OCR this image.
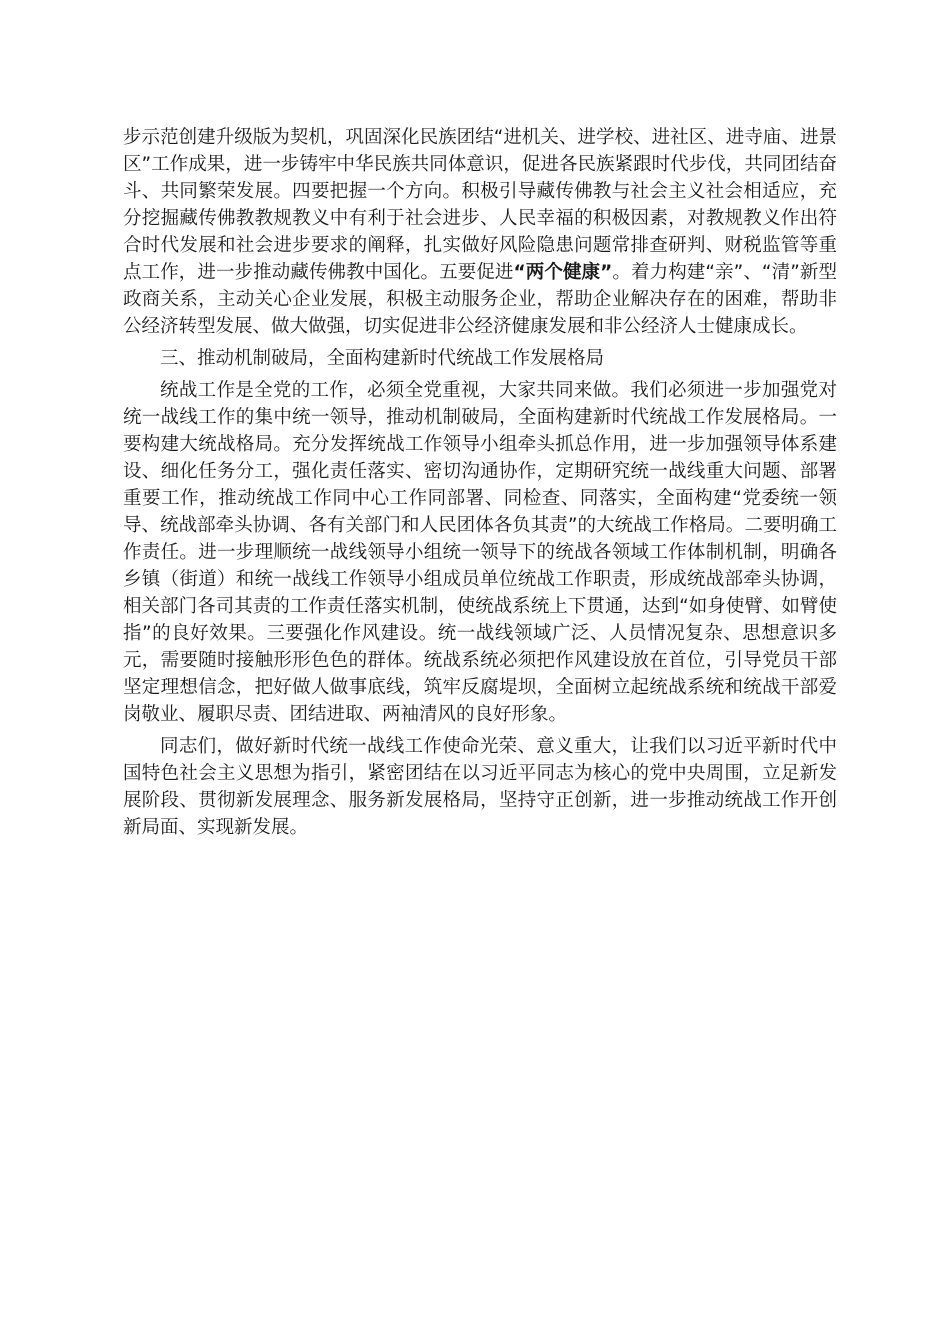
步示范创建升级版为契机，巩固深化民族团结“进机关、进学校、进社区、进寺庙、进景区”工作成果，进一步铸牢中华民族共同体意识，促进各民族紧跟时代步伐，共同团结奋斗、共同繁荣发展。四要把握一个方向。积极引导藏传佛教与社会主义社会相适应，充分挖掘藏传佛教教规教义中有利于社会进步、人民幸福的积极因素，对教规教义作出符合时代发展和社会进步要求的阐释，扎实做好风险隐患问题常排查研判、财税监管等重点工作，进一步推动藏传佛教中国化。五要促进“两个健康”。着力构建“亲”、“清”新型政商关系，主动关心企业发展，积极主动服务企业，帮助企业解决存在的困难，帮助非公经济转型发展、做大做强，切实促进非公经济健康发展和非公经济人士健康成长。

三、推动机制破局，全面构建新时代统战工作发展格局

统战工作是全党的工作，必须全党重视，大家共同来做。我们必须进一步加强党对统一战线工作的集中统一领导，推动机制破局，全面构建新时代统战工作发展格局。一要构建大统战格局。充分发挥统战工作领导小组牵头抓总作用，进一步加强领导体系建设、细化任务分工，强化责任落实、密切沟通协作，定期研究统一战线重大问题、部署重要工作，推动统战工作同中心工作同部署、同检查、同落实，全面构建“党委统一领导、统战部牵头协调、各有关部门和人民团体各负其责”的大统战工作格局。二要明确工作责任。进一步理顺统一战线领导小组统一领导下的统战各领域工作体制机制，明确各乡镇（街道）和统一战线工作领导小组成员单位统战工作职责，形成统战部牵头协调，相关部门各司其责的工作责任落实机制，使统战系统上下贯通，达到“如身使臂、如臂使指”的良好效果。三要强化作风建设。统一战线领域广泛、人员情况复杂、思想意识多元，需要随时接触形形色色的群体。统战系统必须把作风建设放在首位，引导党员干部坚定理想信念，把好做人做事底线，筑牢反腐堤坝，全面树立起统战系统和统战干部爱岗敬业、履职尽责、团结进取、两袖清风的良好形象。

同志们，做好新时代统一战线工作使命光荣、意义重大，让我们以习近平新时代中国特色社会主义思想为指引，紧密团结在以习近平同志为核心的党中央周围，立足新发展阶段、贯彻新发展理念、服务新发展格局，坚持守正创新，进一步推动统战工作开创新局面、实现新发展。
